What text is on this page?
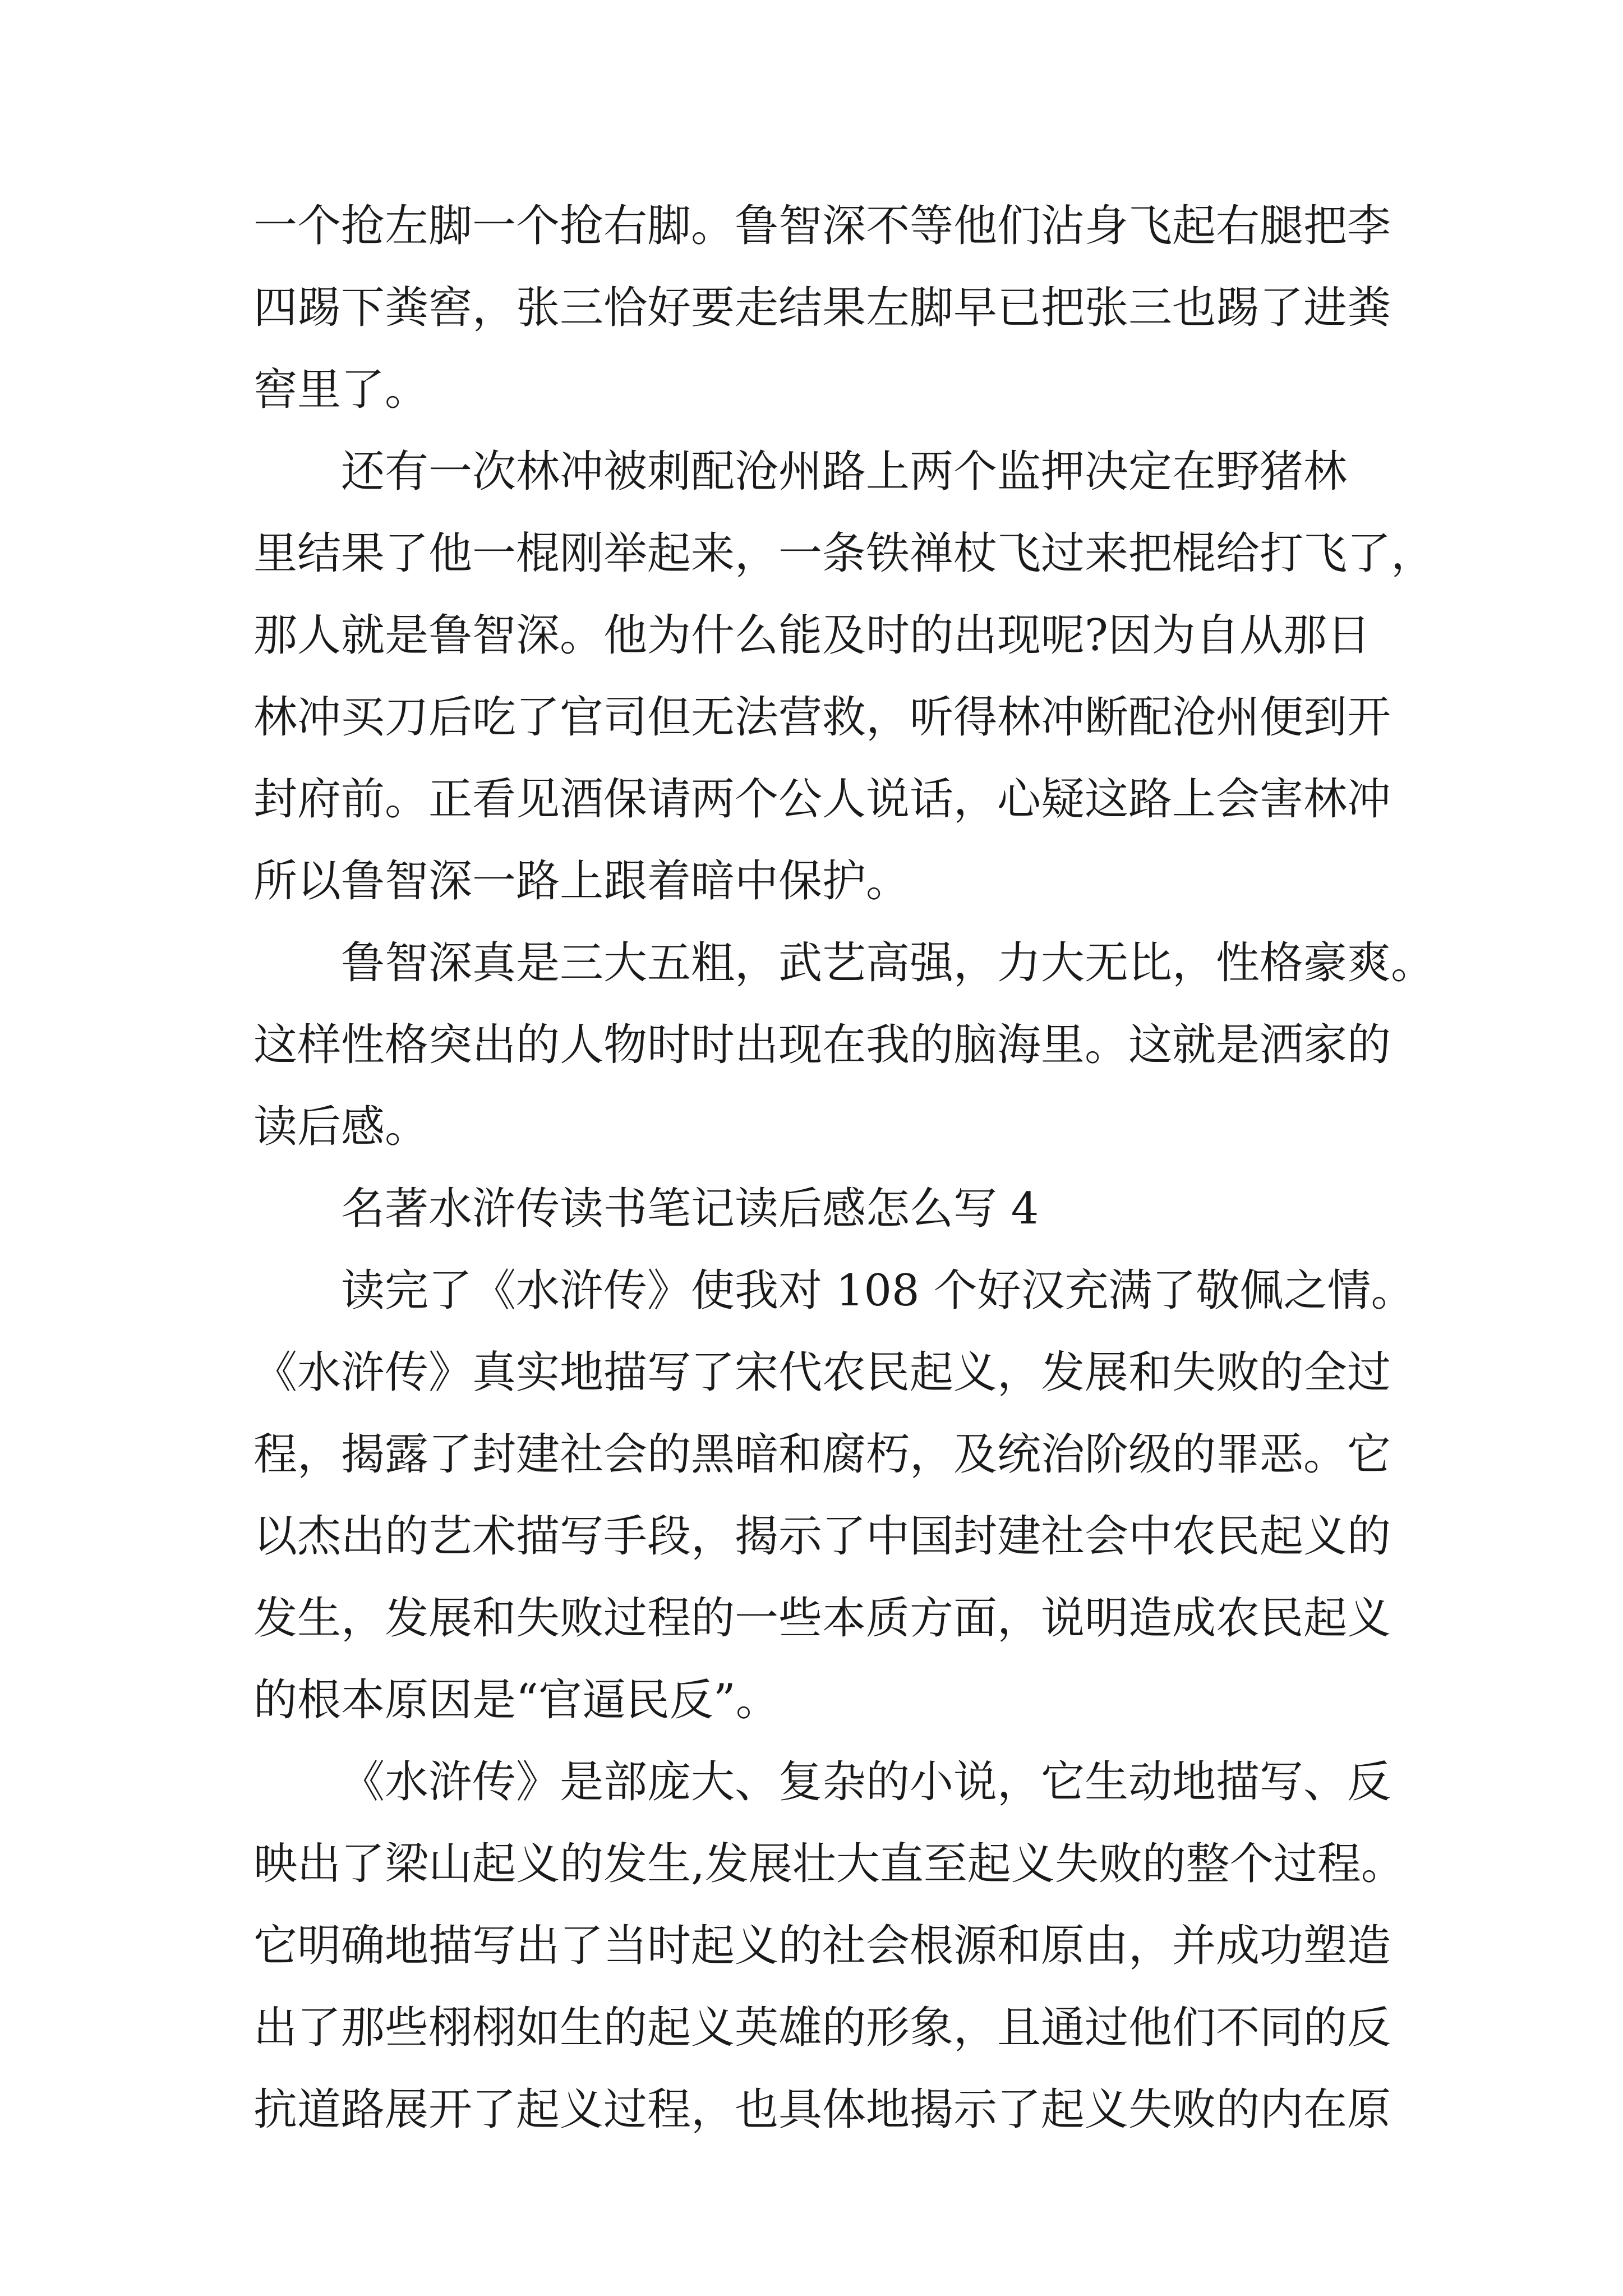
一个抢左脚一个抢右脚。鲁智深不等他们沾身飞起右腿把李
四踢下粪窖，张三恰好要走结果左脚早已把张三也踢了进粪
窖里了。
还有一次林冲被刺配沧州路上两个监押决定在野猪林
里结果了他一棍刚举起来，一条铁禅杖飞过来把棍给打飞了，
那人就是鲁智深。他为什么能及时的出现呢?因为自从那日
林冲买刀后吃了官司但无法营救，听得林冲断配沧州便到开
封府前。正看见酒保请两个公人说话，心疑这路上会害林冲
所以鲁智深一路上跟着暗中保护。
鲁智深真是三大五粗，武艺高强，力大无比，性格豪爽。
这样性格突出的人物时时出现在我的脑海里。这就是洒家的
读后感。
名著水浒传读书笔记读后感怎么写 4
读完了《水浒传》使我对 108 个好汉充满了敬佩之情。
《水浒传》真实地描写了宋代农民起义，发展和失败的全过
程，揭露了封建社会的黑暗和腐朽，及统治阶级的罪恶。它
以杰出的艺术描写手段，揭示了中国封建社会中农民起义的
发生，发展和失败过程的一些本质方面，说明造成农民起义
的根本原因是“官逼民反”。
《水浒传》是部庞大、复杂的小说，它生动地描写、反
映出了梁山起义的发生,发展壮大直至起义失败的整个过程。
它明确地描写出了当时起义的社会根源和原由，并成功塑造
出了那些栩栩如生的起义英雄的形象，且通过他们不同的反
抗道路展开了起义过程，也具体地揭示了起义失败的内在原
